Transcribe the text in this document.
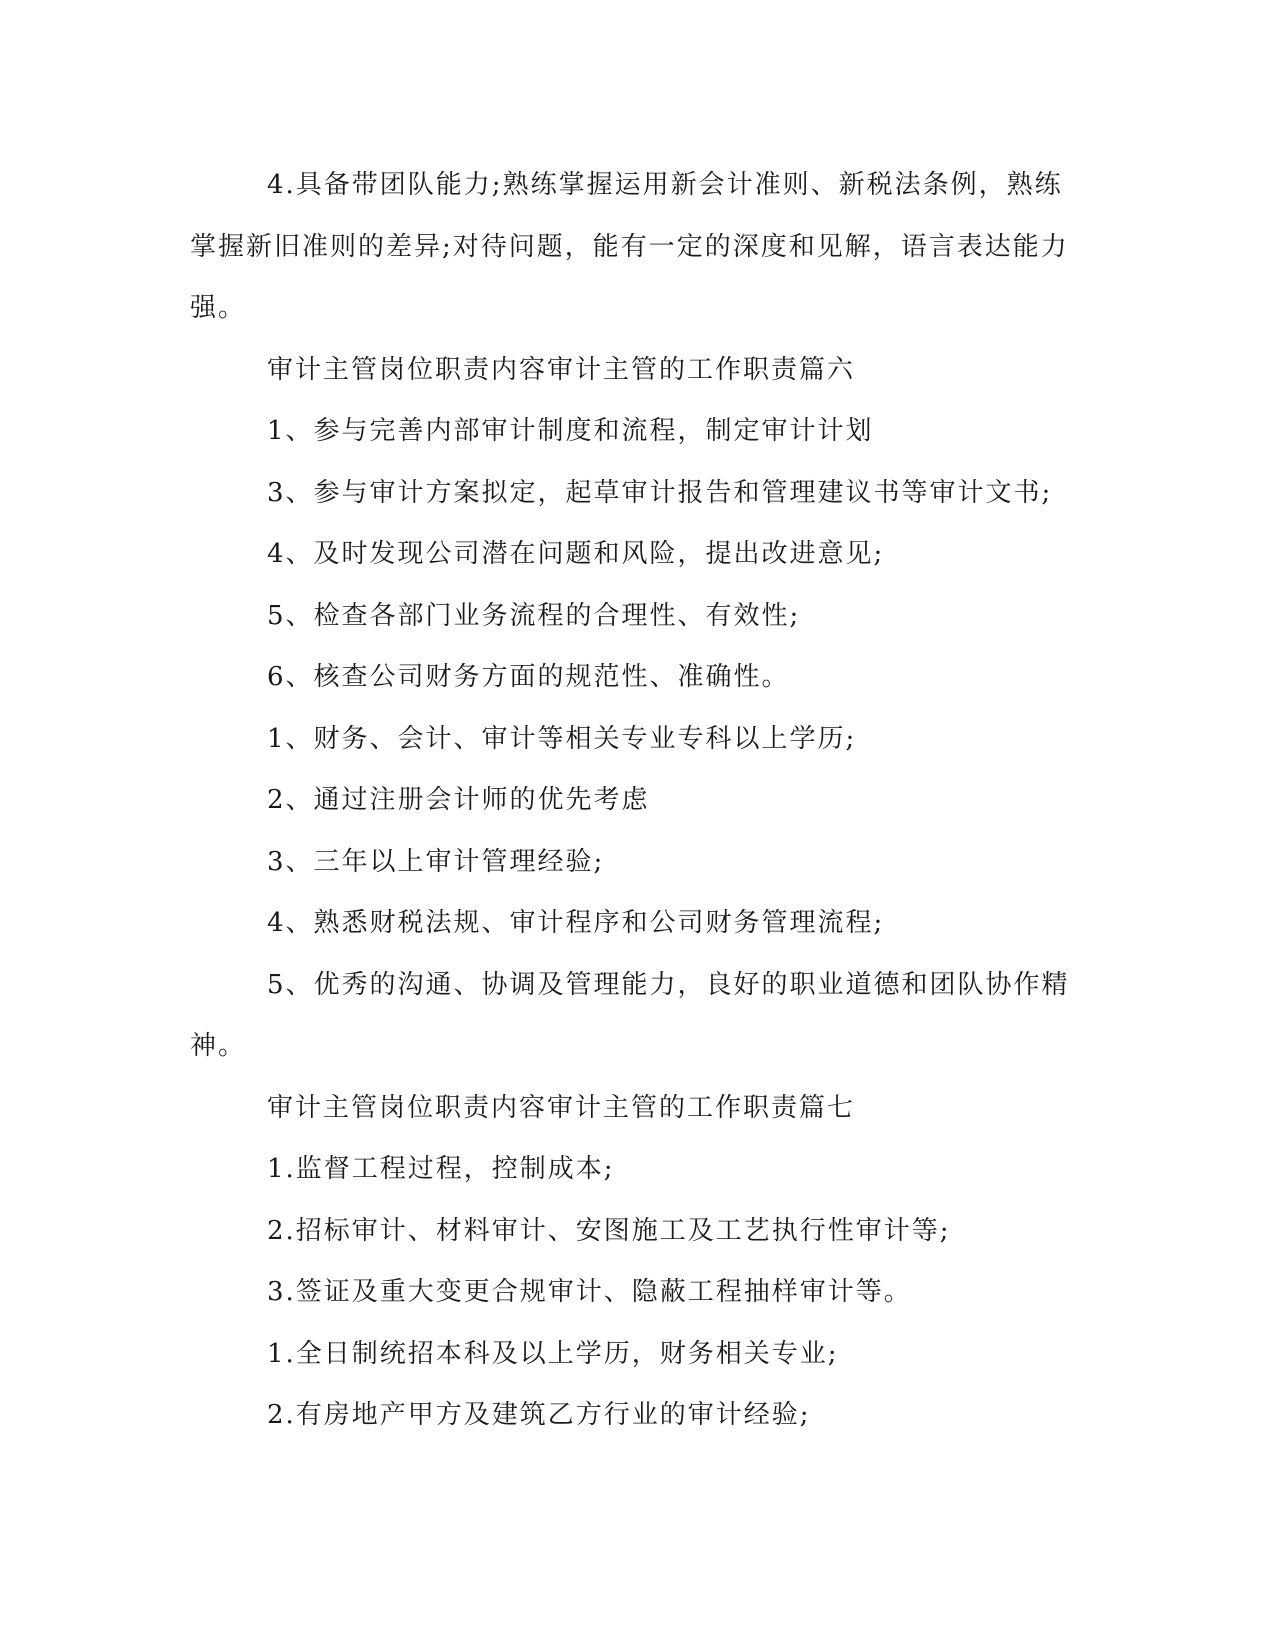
4.具备带团队能力;熟练掌握运用新会计准则、新税法条例，熟练掌握新旧准则的差异;对待问题，能有一定的深度和见解，语言表达能力强。

审计主管岗位职责内容审计主管的工作职责篇六

1、参与完善内部审计制度和流程，制定审计计划

3、参与审计方案拟定，起草审计报告和管理建议书等审计文书;

4、及时发现公司潜在问题和风险，提出改进意见;

5、检查各部门业务流程的合理性、有效性;

6、核查公司财务方面的规范性、准确性。

1、财务、会计、审计等相关专业专科以上学历;

2、通过注册会计师的优先考虑

3、三年以上审计管理经验;

4、熟悉财税法规、审计程序和公司财务管理流程;

5、优秀的沟通、协调及管理能力，良好的职业道德和团队协作精神。

审计主管岗位职责内容审计主管的工作职责篇七

1.监督工程过程，控制成本;

2.招标审计、材料审计、安图施工及工艺执行性审计等;

3.签证及重大变更合规审计、隐蔽工程抽样审计等。

1.全日制统招本科及以上学历，财务相关专业;

2.有房地产甲方及建筑乙方行业的审计经验;
